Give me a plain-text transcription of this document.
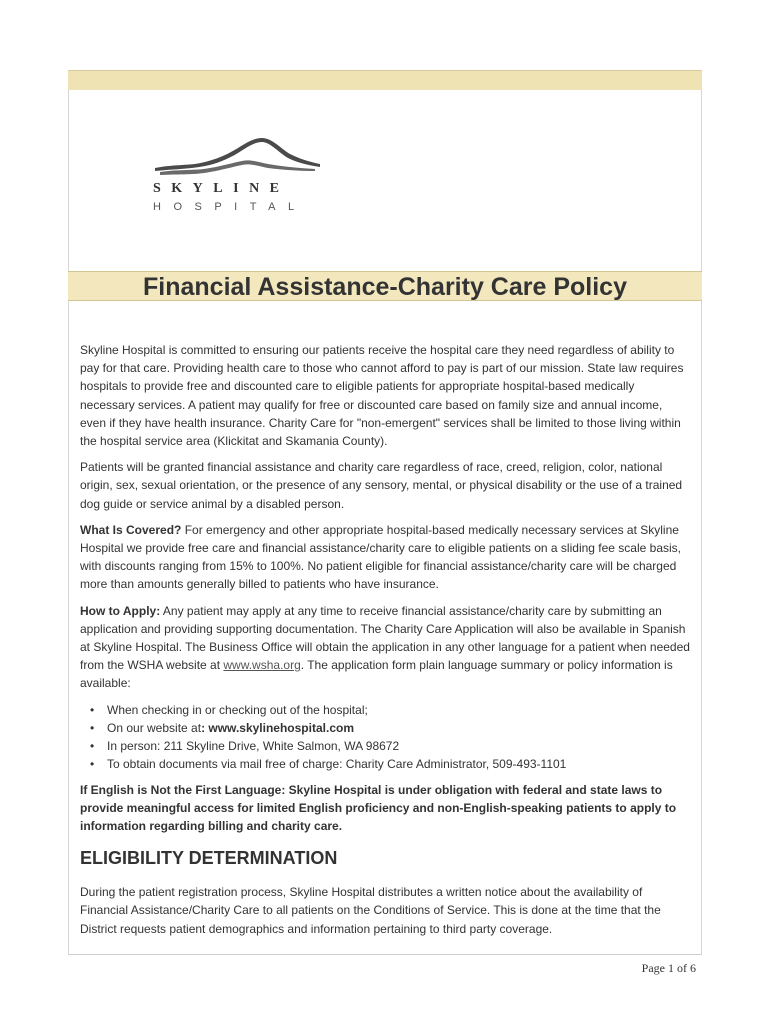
SKYLINE
HOSPITAL
Financial Assistance-Charity Care Policy

Skyline Hospital is committed to ensuring our patients receive the hospital care they need regardless of ability to pay for that care. Providing health care to those who cannot afford to pay is part of our mission. State law requires hospitals to provide free and discounted care to eligible patients for appropriate hospital-based medically necessary services. A patient may qualify for free or discounted care based on family size and annual income, even if they have health insurance. Charity Care for "non-emergent" services shall be limited to those living within the hospital service area (Klickitat and Skamania County).

Patients will be granted financial assistance and charity care regardless of race, creed, religion, color, national origin, sex, sexual orientation, or the presence of any sensory, mental, or physical disability or the use of a trained dog guide or service animal by a disabled person.

What Is Covered? For emergency and other appropriate hospital-based medically necessary services at Skyline Hospital we provide free care and financial assistance/charity care to eligible patients on a sliding fee scale basis, with discounts ranging from 15% to 100%. No patient eligible for financial assistance/charity care will be charged more than amounts generally billed to patients who have insurance.

How to Apply: Any patient may apply at any time to receive financial assistance/charity care by submitting an application and providing supporting documentation. The Charity Care Application will also be available in Spanish at Skyline Hospital. The Business Office will obtain the application in any other language for a patient when needed from the WSHA website at www.wsha.org. The application form plain language summary or policy information is available:

• When checking in or checking out of the hospital;
• On our website at: www.skylinehospital.com
• In person: 211 Skyline Drive, White Salmon, WA 98672
• To obtain documents via mail free of charge: Charity Care Administrator, 509-493-1101

If English is Not the First Language: Skyline Hospital is under obligation with federal and state laws to provide meaningful access for limited English proficiency and non-English-speaking patients to apply to information regarding billing and charity care.

ELIGIBILITY DETERMINATION

During the patient registration process, Skyline Hospital distributes a written notice about the availability of Financial Assistance/Charity Care to all patients on the Conditions of Service. This is done at the time that the District requests patient demographics and information pertaining to third party coverage.

Page 1 of 6
